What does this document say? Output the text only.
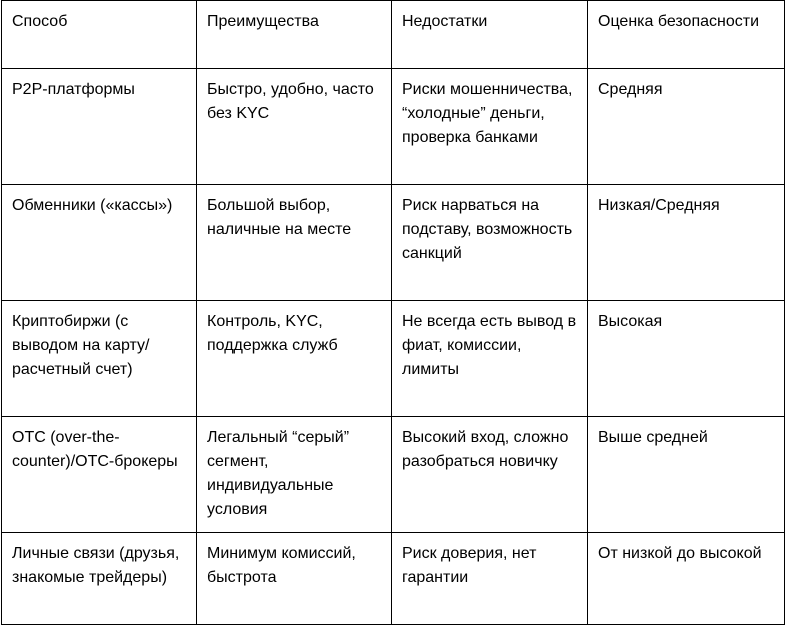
Способ	Преимущества	Недостатки	Оценка безопасности
P2P-платформы	Быстро, удобно, часто без KYC	Риски мошенничества, “холодные” деньги, проверка банками	Средняя
Обменники («кассы»)	Большой выбор, наличные на месте	Риск нарваться на подставу, возможность санкций	Низкая/Средняя
Криптобиржи (с выводом на карту/расчетный счет)	Контроль, KYC, поддержка служб	Не всегда есть вывод в фиат, комиссии, лимиты	Высокая
OTC (over-the-counter)/OTC-брокеры	Легальный “серый” сегмент, индивидуальные условия	Высокий вход, сложно разобраться новичку	Выше средней
Личные связи (друзья, знакомые трейдеры)	Минимум комиссий, быстрота	Риск доверия, нет гарантии	От низкой до высокой
